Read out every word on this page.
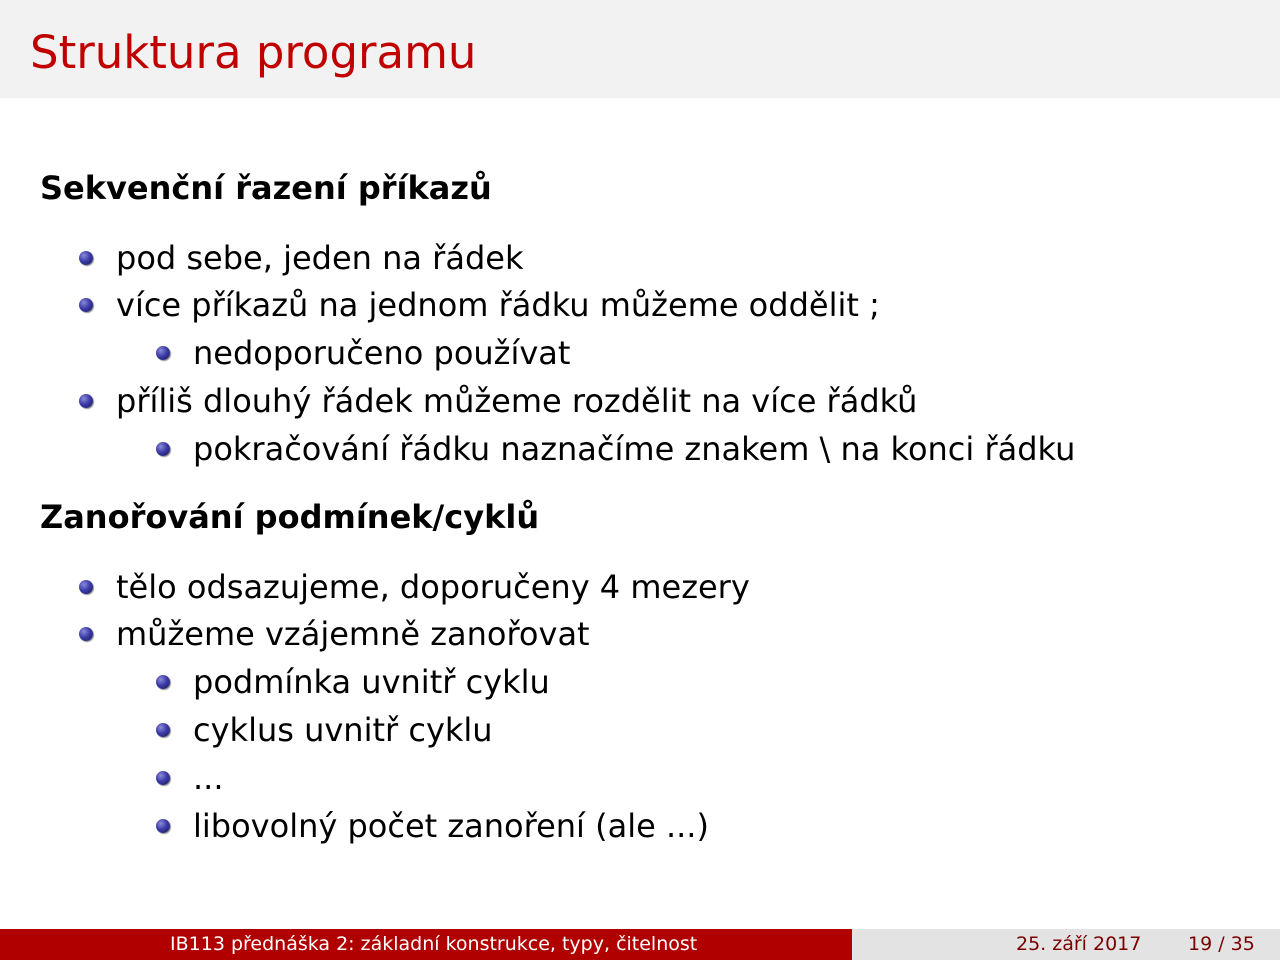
Struktura programu
Sekvenční řazení příkazů
pod sebe, jeden na řádek
více příkazů na jednom řádku můžeme oddělit ;
nedoporučeno používat
příliš dlouhý řádek můžeme rozdělit na více řádků
pokračování řádku naznačíme znakem \ na konci řádku
Zanořování podmínek/cyklů
tělo odsazujeme, doporučeny 4 mezery
můžeme vzájemně zanořovat
podmínka uvnitř cyklu
cyklus uvnitř cyklu
...
libovolný počet zanoření (ale ...)
IB113 přednáška 2: základní konstrukce, typy, čitelnost	25. září 2017 19 / 35
